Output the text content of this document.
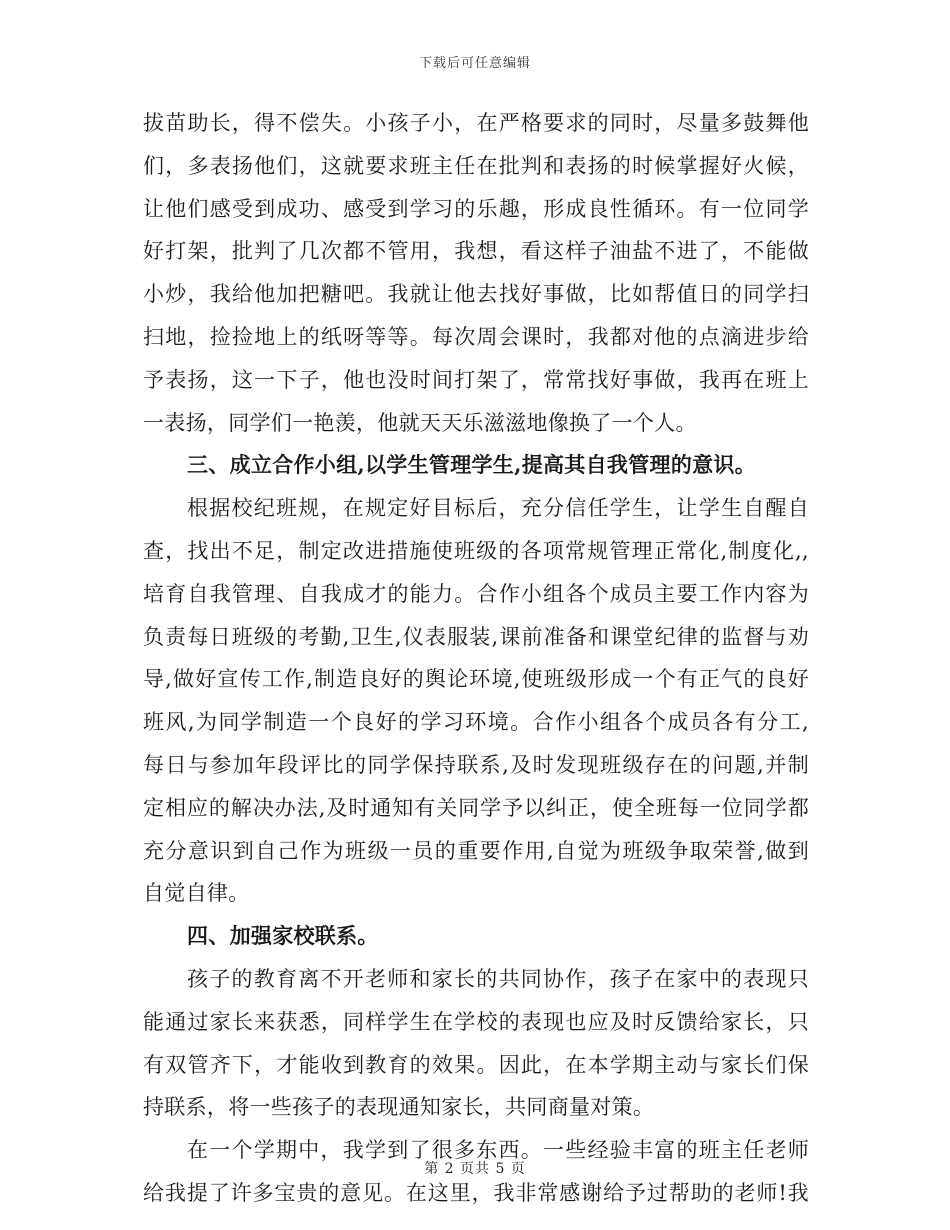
下载后可任意编辑
拔苗助长，得不偿失。小孩子小，在严格要求的同时，尽量多鼓舞他
们，多表扬他们，这就要求班主任在批判和表扬的时候掌握好火候，
让他们感受到成功、感受到学习的乐趣，形成良性循环。有一位同学
好打架，批判了几次都不管用，我想，看这样子油盐不进了，不能做
小炒，我给他加把糖吧。我就让他去找好事做，比如帮值日的同学扫
扫地，捡捡地上的纸呀等等。每次周会课时，我都对他的点滴进步给
予表扬，这一下子，他也没时间打架了，常常找好事做，我再在班上
一表扬，同学们一艳羡，他就天天乐滋滋地像换了一个人。
三、成立合作小组,以学生管理学生,提高其自我管理的意识。
根据校纪班规，在规定好目标后，充分信任学生，让学生自醒自
查，找出不足，制定改进措施使班级的各项常规管理正常化,制度化,,
培育自我管理、自我成才的能力。合作小组各个成员主要工作内容为
负责每日班级的考勤,卫生,仪表服装,课前准备和课堂纪律的监督与劝
导,做好宣传工作,制造良好的舆论环境,使班级形成一个有正气的良好
班风,为同学制造一个良好的学习环境。合作小组各个成员各有分工,
每日与参加年段评比的同学保持联系,及时发现班级存在的问题,并制
定相应的解决办法,及时通知有关同学予以纠正，使全班每一位同学都
充分意识到自己作为班级一员的重要作用,自觉为班级争取荣誉,做到
自觉自律。
四、加强家校联系。
孩子的教育离不开老师和家长的共同协作，孩子在家中的表现只
能通过家长来获悉，同样学生在学校的表现也应及时反馈给家长，只
有双管齐下，才能收到教育的效果。因此，在本学期主动与家长们保
持联系，将一些孩子的表现通知家长，共同商量对策。
在一个学期中，我学到了很多东西。一些经验丰富的班主任老师
给我提了许多宝贵的意见。在这里，我非常感谢给予过帮助的老师!我
第 2 页共 5 页
